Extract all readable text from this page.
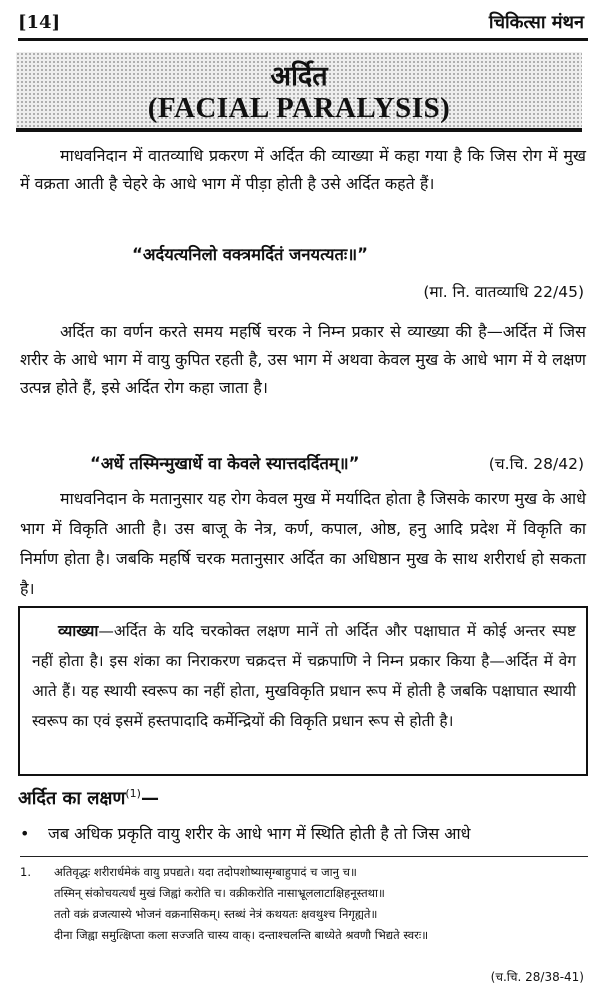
[14]	चिकित्सा मंथन
अर्दित
(FACIAL PARALYSIS)
माधवनिदान में वातव्याधि प्रकरण में अर्दित की व्याख्या में कहा गया है कि जिस रोग में मुख में वक्रता आती है चेहरे के आधे भाग में पीड़ा होती है उसे अर्दित कहते हैं।
“अर्दयत्यनिलो वक्त्रमर्दितं जनयत्यतः॥”
(मा. नि. वातव्याधि 22/45)
अर्दित का वर्णन करते समय महर्षि चरक ने निम्न प्रकार से व्याख्या की है—अर्दित में जिस शरीर के आधे भाग में वायु कुपित रहती है, उस भाग में अथवा केवल मुख के आधे भाग में ये लक्षण उत्पन्न होते हैं, इसे अर्दित रोग कहा जाता है।
“अर्धे तस्मिन्मुखार्धे वा केवले स्यात्तदर्दितम्॥”	(च.चि. 28/42)
माधवनिदान के मतानुसार यह रोग केवल मुख में मर्यादित होता है जिसके कारण मुख के आधे भाग में विकृति आती है। उस बाजू के नेत्र, कर्ण, कपाल, ओष्ठ, हनु आदि प्रदेश में विकृति का निर्माण होता है। जबकि महर्षि चरक मतानुसार अर्दित का अधिष्ठान मुख के साथ शरीरार्ध हो सकता है।
व्याख्या—अर्दित के यदि चरकोक्त लक्षण मानें तो अर्दित और पक्षाघात में कोई अन्तर स्पष्ट नहीं होता है। इस शंका का निराकरण चक्रदत्त में चक्रपाणि ने निम्न प्रकार किया है—अर्दित में वेग आते हैं। यह स्थायी स्वरूप का नहीं होता, मुखविकृति प्रधान रूप में होती है जबकि पक्षाघात स्थायी स्वरूप का एवं इसमें हस्तपादादि कर्मेन्द्रियों की विकृति प्रधान रूप से होती है।
अर्दित का लक्षण$^{(1)}$—
• जब अधिक प्रकृति वायु शरीर के आधे भाग में स्थिति होती है तो जिस आधे
1.	अतिवृद्धः शरीरार्धमेकं वायु प्रपद्यते। यदा तदोपशोष्यासृग्बाहुपादं च जानु च॥
तस्मिन् संकोचयत्यर्धं मुखं जिह्वां करोति च। वक्रीकरोति नासाभ्रूललाटाक्षिहनूस्तथा॥
ततो वक्रं व्रजत्यास्ये भोजनं वक्रनासिकम्। स्तब्धं नेत्रं कथयतः क्षवथुश्च निगृह्यते॥
दीना जिह्वा समुत्क्षिप्ता कला सज्जति चास्य वाक्। दन्ताश्चलन्ति बाध्येते श्रवणौ भिद्यते स्वरः॥
(च.चि. 28/38-41)
